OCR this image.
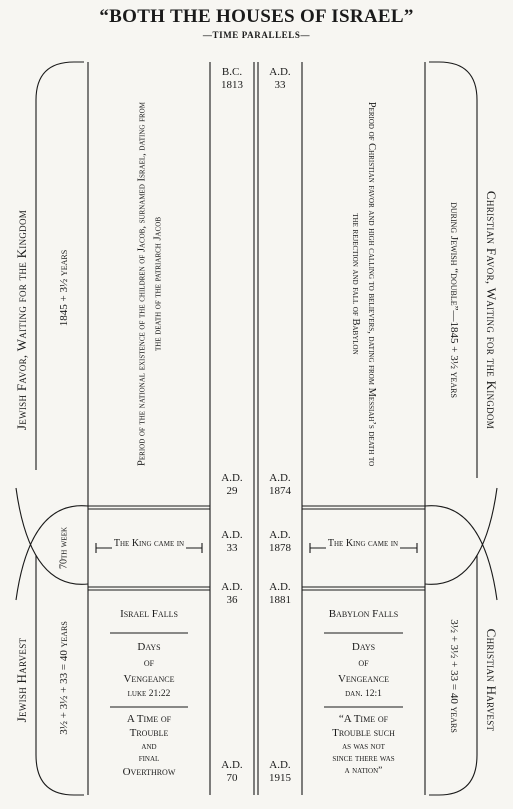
“BOTH THE HOUSES OF ISRAEL”
—TIME PARALLELS—
Jewish Favor, Waiting for the Kingdom	1845 + 3½ years
Jewish Harvest	3½ + 3½ + 33 = 40 years
70th week
Christian Favor, Waiting for the Kingdom
during Jewish “double”—1845 + 3½ years
Christian Harvest
3½ + 3½ + 33 = 40 years
Period of the national existence of the children of Jacob, surnamed Israel, dating from the death of the patriarch Jacob	Period of Christian favor and high calling to believers, dating from Messiah’s death to the rejection and fall of Babylon
B.C.
1813
A.D.
29
A.D.
33
A.D.
36
A.D.
70
A.D.
33
A.D.
1874
A.D.
1878
A.D.
1881
A.D.
1915
The King came in	The King came in
Israel Falls
Days
of
Vengeance
luke 21:22
A Time of
Trouble
and
final
Overthrow
Babylon Falls
Days
of
Vengeance
dan. 12:1
“A Time of
Trouble such
as was not
since there was
a nation”
